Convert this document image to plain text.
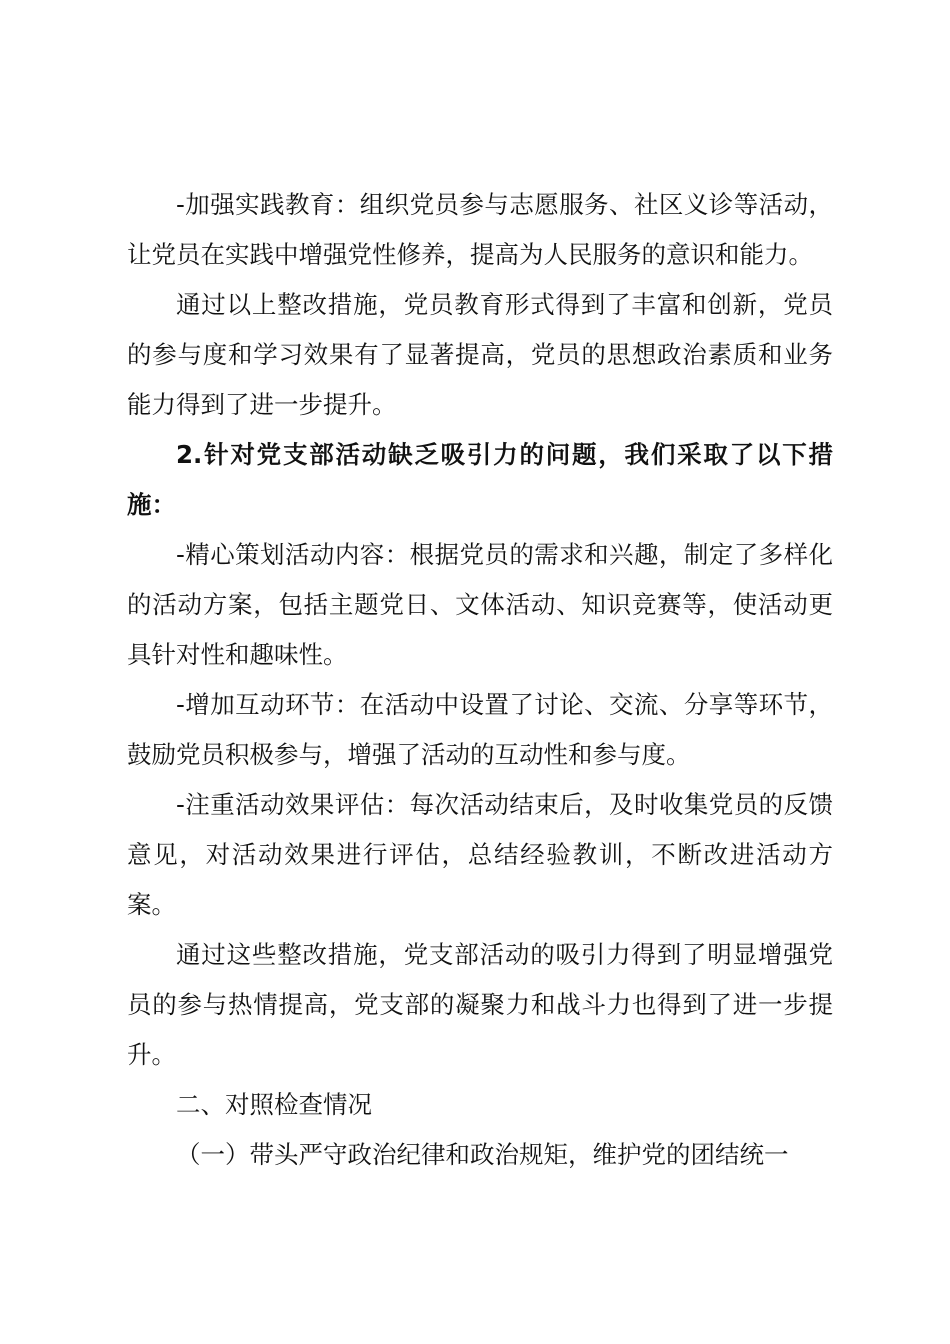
-加强实践教育：组织党员参与志愿服务、社区义诊等活动，让党员在实践中增强党性修养，提高为人民服务的意识和能力。

通过以上整改措施，党员教育形式得到了丰富和创新，党员的参与度和学习效果有了显著提高，党员的思想政治素质和业务能力得到了进一步提升。

2.针对党支部活动缺乏吸引力的问题，我们采取了以下措施：

-精心策划活动内容：根据党员的需求和兴趣，制定了多样化的活动方案，包括主题党日、文体活动、知识竞赛等，使活动更具针对性和趣味性。

-增加互动环节：在活动中设置了讨论、交流、分享等环节，鼓励党员积极参与，增强了活动的互动性和参与度。

-注重活动效果评估：每次活动结束后，及时收集党员的反馈意见，对活动效果进行评估，总结经验教训，不断改进活动方案。

通过这些整改措施，党支部活动的吸引力得到了明显增强党员的参与热情提高，党支部的凝聚力和战斗力也得到了进一步提升。

二、对照检查情况

（一）带头严守政治纪律和政治规矩，维护党的团结统一
